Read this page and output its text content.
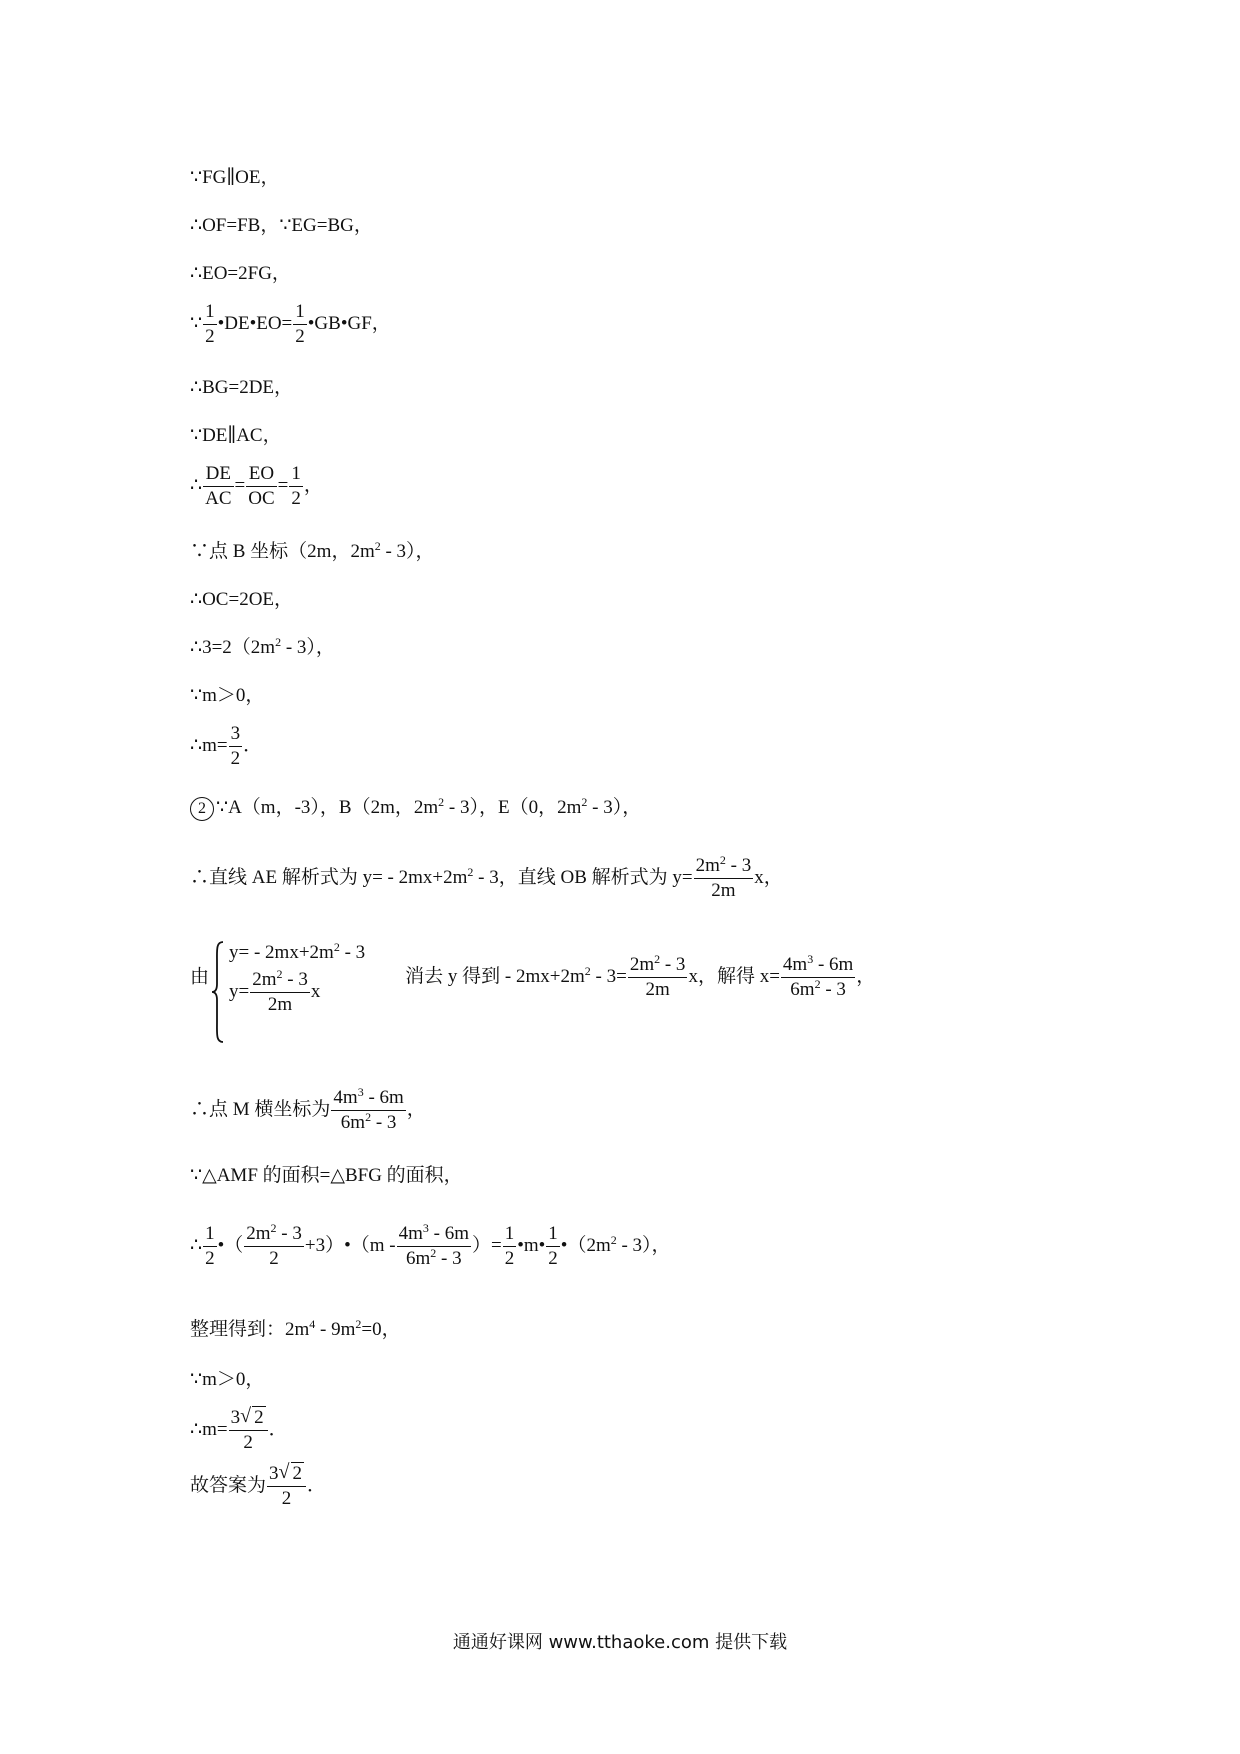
∵FG∥OE，
∴OF=FB，∵EG=BG，
∴EO=2FG，
∵ $\frac{1}{2}$ •DE•EO= $\frac{1}{2}$ •GB•GF，
∴BG=2DE，
∵DE∥AC，
∴ $\frac{DE}{AC} = \frac{EO}{OC} = \frac{1}{2}$ ，
∵点 B 坐标（2m，$2m^2 - 3$），
∴OC=2OE，
$\therefore 3=2(2m^2 - 3)$，
∵m＞0，
∴m= $\frac{3}{2}$ ．
2 ∵A（m，-3），B（2m，$2m^2 - 3$），E（0，$2m^2 - 3$），
∴直线 AE 解析式为 $y= - 2mx+2m^2 - 3$，直线 OB 解析式为 $y= \frac{2m^2 - 3}{2m}$ x，
由
$y= - 2mx+2m^2 - 3$
$y= \frac{2m^2 - 3}{2m}$ x
消去 y 得到 - $2mx+2m^2 - 3= \frac{2m^2 - 3}{2m}$ x，解得 $x= \frac{4m^3 - 6m}{6m^2 - 3}$ ，
∴点 M 横坐标为 $\frac{4m^3 - 6m}{6m^2 - 3}$ ，
∵△AMF 的面积=△BFG 的面积，
∴ $\frac{1}{2}$ •（ $\frac{2m^2 - 3}{2}$ +3）•（m - $\frac{4m^3 - 6m}{6m^2 - 3}$ ）= $\frac{1}{2}$ •m• $\frac{1}{2}$ $•(2m^2 - 3)$，
整理得到：$2m^4 - 9m^2=0$，
∵m＞0，
∴m= $\frac{3 √ 2}{2}$ ．
故答案为 $\frac{3 √ 2}{2}$ ．
通通好课网 www.tthaoke.com 提供下载
